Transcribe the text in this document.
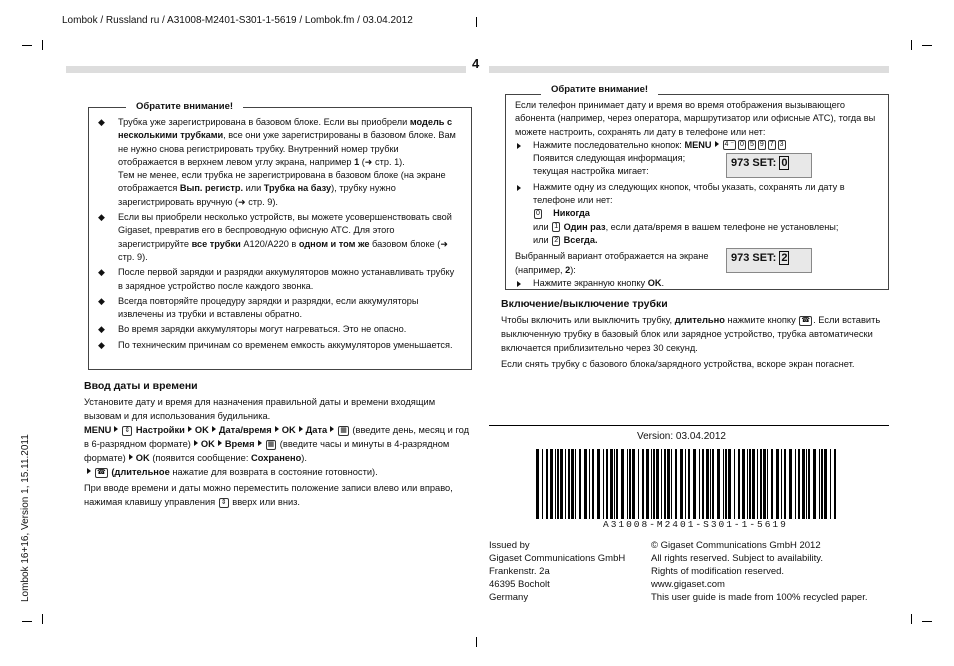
Lombok / Russland ru / A31008-M2401-S301-1-5619 / Lombok.fm / 03.04.2012
Lombok 16+16, Version 1, 15.11.2011
4
◆ Трубка уже зарегистрирована в базовом блоке. Если вы приобрели модель с несколькими трубками, все они уже зарегистрированы в базовом блоке. Вам не нужно снова регистрировать трубку. Внутренний номер трубки отображается в верхнем левом углу экрана, например 1 (➜ стр. 1).
Тем не менее, если трубка не зарегистрирована в базовом блоке (на экране отображается Вып. регистр. или Трубка на базу), трубку нужно зарегистрировать вручную (➜ стр. 9).
◆ Если вы приобрели несколько устройств, вы можете усовершенствовать свой Gigaset, превратив его в беспроводную офисную АТС. Для этого зарегистрируйте все трубки A120/A220 в одном и том же базовом блоке (➜ стр. 9).
◆ После первой зарядки и разрядки аккумуляторов можно устанавливать трубку в зарядное устройство после каждого звонка.
◆ Всегда повторяйте процедуру зарядки и разрядки, если аккумуляторы извлечены из трубки и вставлены обратно.
◆ Во время зарядки аккумуляторы могут нагреваться. Это не опасно.
◆ По техническим причинам со временем емкость аккумуляторов уменьшается.
Обратите внимание!
Ввод даты и времени
Установите дату и время для назначения правильной даты и времени входящим вызовам и для использования будильника.
MENU ⇕ Настройки OK Дата/время OK Дата ▦ (введите день, месяц и год в 6-разрядном формате) OK Время ▦ (введите часы и минуты в 4-разрядном формате) OK (появится сообщение: Сохранено).
☎ (длительное нажатие для возврата в состояние готовности).
При вводе времени и даты можно переместить положение записи влево или вправо, нажимая клавишу управления ⇕ вверх или вниз.
Если телефон принимает дату и время во время отображения вызывающего абонента (например, через оператора, маршрутизатор или офисные АТС), тогда вы можете настроить, сохранять ли дату в телефоне или нет:
Нажмите последовательно кнопок: MENU 4 ⁻ 0 5 9 7 3
Появится следующая информация; текущая настройка мигает:
Нажмите одну из следующих кнопок, чтобы указать, сохранять ли дату в телефоне или нет:
0 Никогда
или 1 Один раз, если дата/время в вашем телефоне не установлены;
или 2 Всегда.
Выбранный вариант отображается на экране (например, 2):
Нажмите экранную кнопку OK.
973 SET: 0
973 SET: 2
Обратите внимание!
Включение/выключение трубки
Чтобы включить или выключить трубку, длительно нажмите кнопку ☎ . Если вставить выключенную трубку в базовый блок или зарядное устройство, трубка автоматически включается приблизительно через 30 секунд.
Если снять трубку с базового блока/зарядного устройства, вскоре экран погаснет.
Version: 03.04.2012
A31008-M2401-S301-1-5619
Issued by
Gigaset Communications GmbH
Frankenstr. 2a
46395 Bocholt
Germany
© Gigaset Communications GmbH 2012
All rights reserved. Subject to availability.
Rights of modification reserved.
www.gigaset.com
This user guide is made from 100% recycled paper.
